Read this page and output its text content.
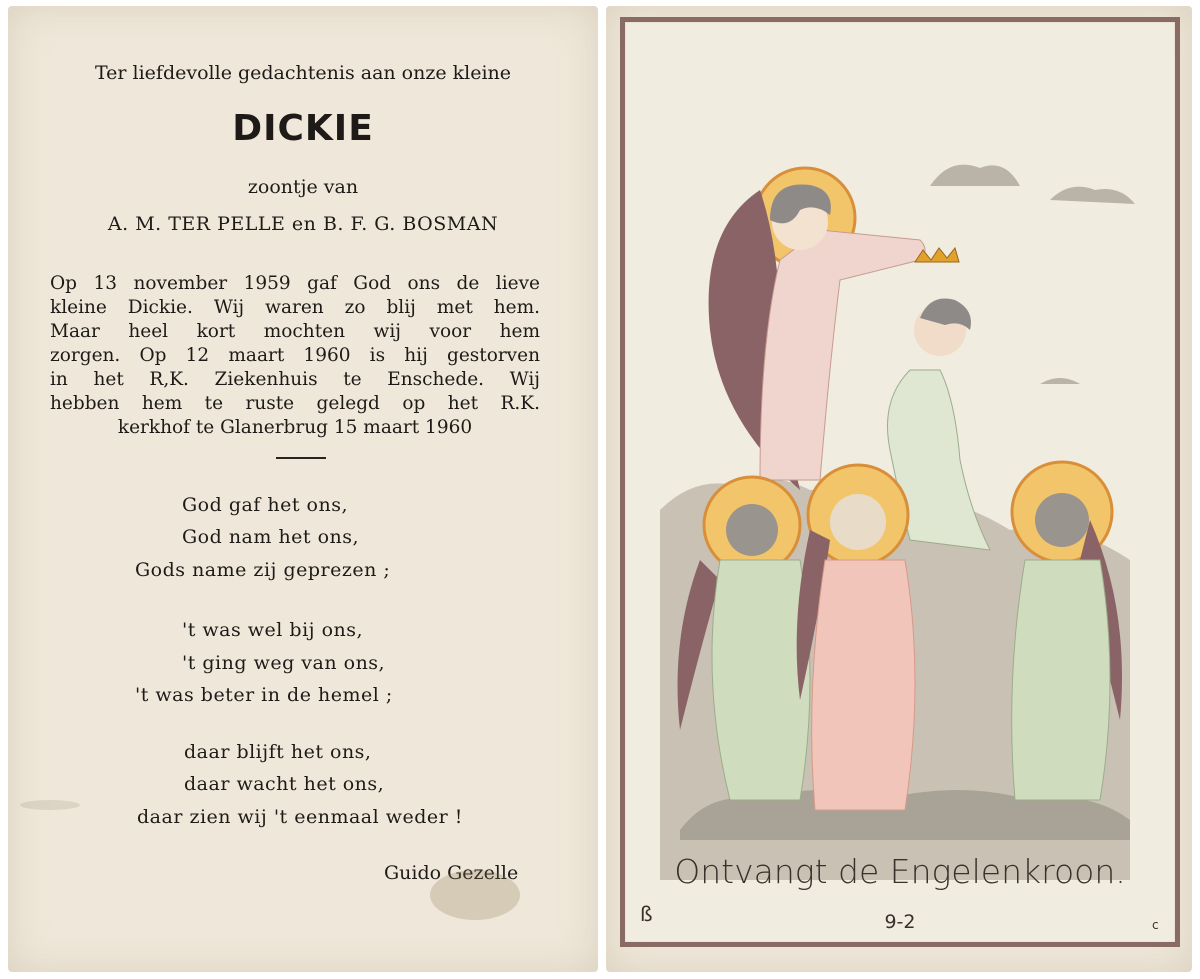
Ter liefdevolle gedachtenis aan onze kleine
DICKIE
zoontje van
A. M. TER PELLE en B. F. G. BOSMAN
Op 13 november 1959 gaf God ons de lieve
kleine Dickie. Wij waren zo blij met hem.
Maar heel kort mochten wij voor hem
zorgen. Op 12 maart 1960 is hij gestorven
in het R,K. Ziekenhuis te Enschede. Wij
hebben hem te ruste gelegd op het R.K.
kerkhof te Glanerbrug 15 maart 1960
God gaf het ons,
God nam het ons,
Gods name zij geprezen ;
't was wel bij ons,
't ging weg van ons,
't was beter in de hemel ;
daar blijft het ons,
daar wacht het ons,
daar zien wij 't eenmaal weder !
Guido Gezelle	Ontvangt de Engelenkroon.
9-2
ß	c
